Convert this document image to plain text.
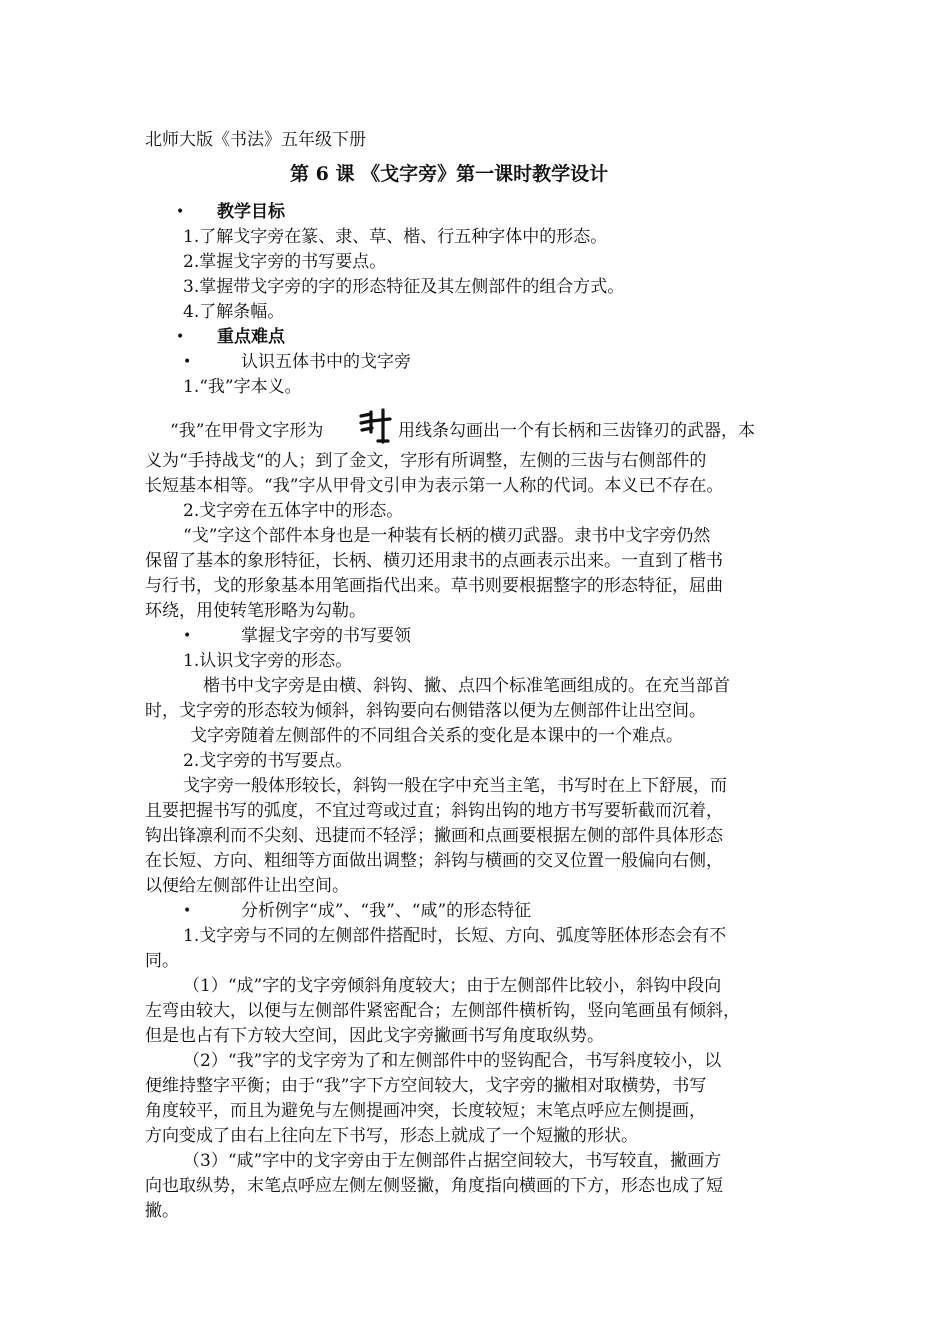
北师大版《书法》五年级下册
第 6 课 《戈字旁》第一课时教学设计
• 教学目标
1.了解戈字旁在篆、隶、草、楷、行五种字体中的形态。
2.掌握戈字旁的书写要点。
3.掌握带戈字旁的字的形态特征及其左侧部件的组合方式。
4.了解条幅。
• 重点难点
•	认识五体书中的戈字旁
1.“我”字本义。
“我”在甲骨文字形为	用线条勾画出一个有长柄和三齿锋刃的武器，本
义为“手持战戈“的人；到了金文，字形有所调整，左侧的三齿与右侧部件的
长短基本相等。“我”字从甲骨文引申为表示第一人称的代词。本义已不存在。
2.戈字旁在五体字中的形态。
“戈”字这个部件本身也是一种装有长柄的横刃武器。隶书中戈字旁仍然
保留了基本的象形特征，长柄、横刃还用隶书的点画表示出来。一直到了楷书
与行书，戈的形象基本用笔画指代出来。草书则要根据整字的形态特征，屈曲
环绕，用使转笔形略为勾勒。
•	掌握戈字旁的书写要领
1.认识戈字旁的形态。
楷书中戈字旁是由横、斜钩、撇、点四个标准笔画组成的。在充当部首
时，戈字旁的形态较为倾斜，斜钩要向右侧错落以便为左侧部件让出空间。
戈字旁随着左侧部件的不同组合关系的变化是本课中的一个难点。
2.戈字旁的书写要点。
戈字旁一般体形较长，斜钩一般在字中充当主笔，书写时在上下舒展，而
且要把握书写的弧度，不宜过弯或过直；斜钩出钩的地方书写要斩截而沉着，
钩出锋凛利而不尖刻、迅捷而不轻浮；撇画和点画要根据左侧的部件具体形态
在长短、方向、粗细等方面做出调整；斜钩与横画的交叉位置一般偏向右侧，
以便给左侧部件让出空间。
•	分析例字“成”、“我”、“咸”的形态特征
1.戈字旁与不同的左侧部件搭配时，长短、方向、弧度等胚体形态会有不
同。
（1）“成”字的戈字旁倾斜角度较大；由于左侧部件比较小，斜钩中段向
左弯由较大，以便与左侧部件紧密配合；左侧部件横析钩，竖向笔画虽有倾斜，
但是也占有下方较大空间，因此戈字旁撇画书写角度取纵势。
（2）“我”字的戈字旁为了和左侧部件中的竖钩配合，书写斜度较小，以
便维持整字平衡；由于“我”字下方空间较大，戈字旁的撇相对取横势，书写
角度较平，而且为避免与左侧提画冲突，长度较短；末笔点呼应左侧提画，
方向变成了由右上往向左下书写，形态上就成了一个短撇的形状。
（3）“咸”字中的戈字旁由于左侧部件占据空间较大，书写较直，撇画方
向也取纵势，末笔点呼应左侧左侧竖撇，角度指向横画的下方，形态也成了短
撇。
